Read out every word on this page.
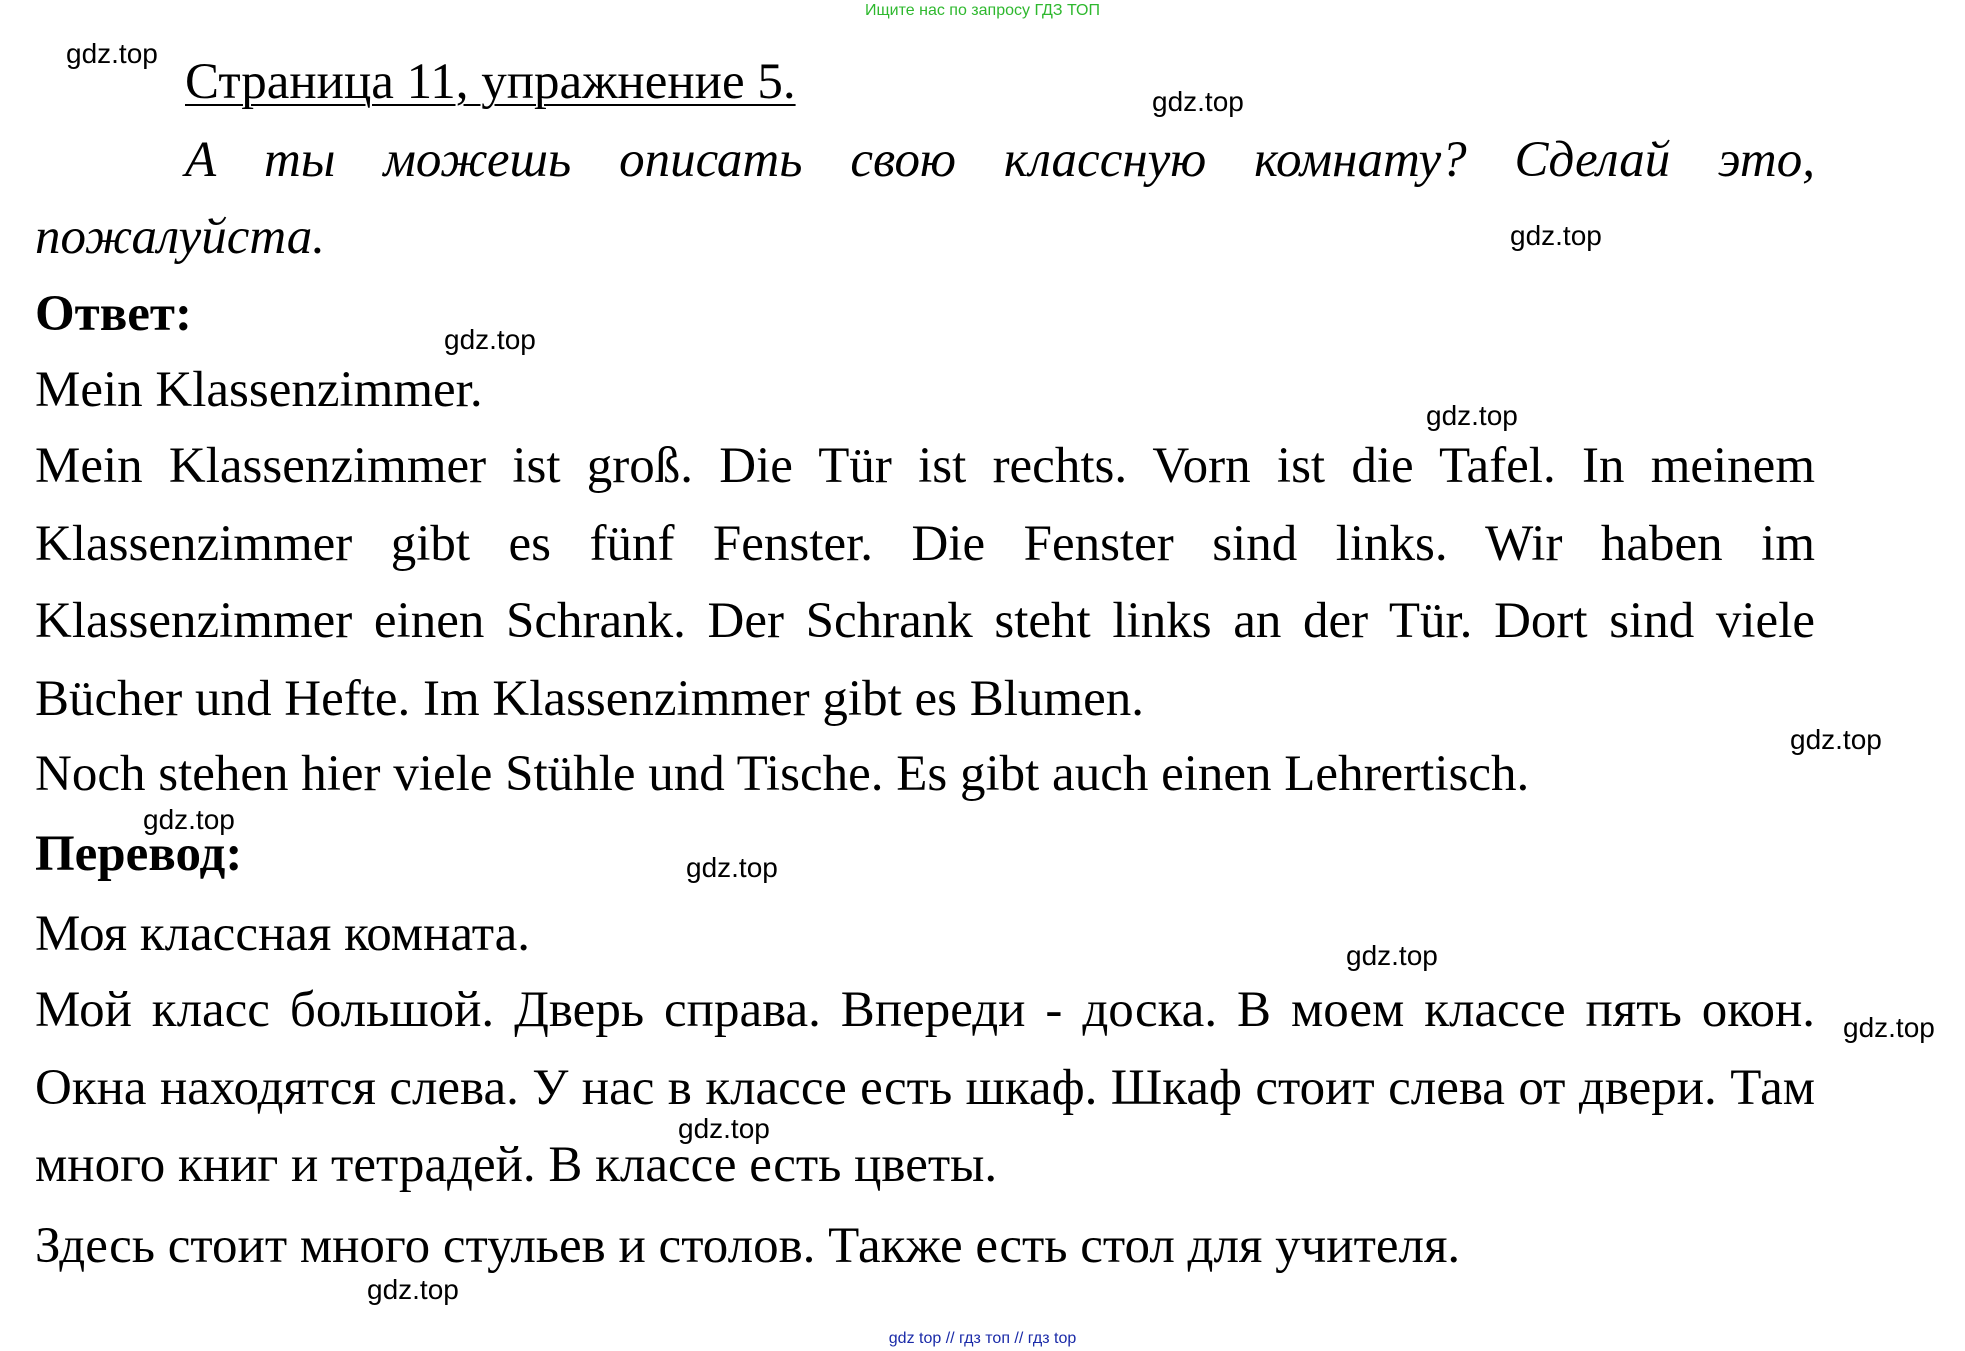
Ищите нас по запросу ГДЗ ТОП
Страница 11, упражнение 5.

А ты можешь описать свою классную комнату? Сделай это, пожалуйста.

Ответ:
Mein Klassenzimmer.

Mein Klassenzimmer ist groß. Die Tür ist rechts. Vorn ist die Tafel. In meinem Klassenzimmer gibt es fünf Fenster. Die Fenster sind links. Wir haben im Klassenzimmer einen Schrank. Der Schrank steht links an der Tür. Dort sind viele Bücher und Hefte. Im Klassenzimmer gibt es Blumen.

Noch stehen hier viele Stühle und Tische. Es gibt auch einen Lehrertisch.
Перевод:
Моя классная комната.

Мой класс большой. Дверь справа. Впереди - доска. В моем классе пять окон. Окна находятся слева. У нас в классе есть шкаф. Шкаф стоит слева от двери. Там много книг и тетрадей. В классе есть цветы.

Здесь стоит много стульев и столов. Также есть стол для учителя.
gdz.top
gdz.top
gdz.top
gdz.top
gdz.top
gdz.top
gdz.top
gdz.top
gdz.top
gdz.top
gdz.top
gdz.top
gdz top // гдз топ // гдз top
